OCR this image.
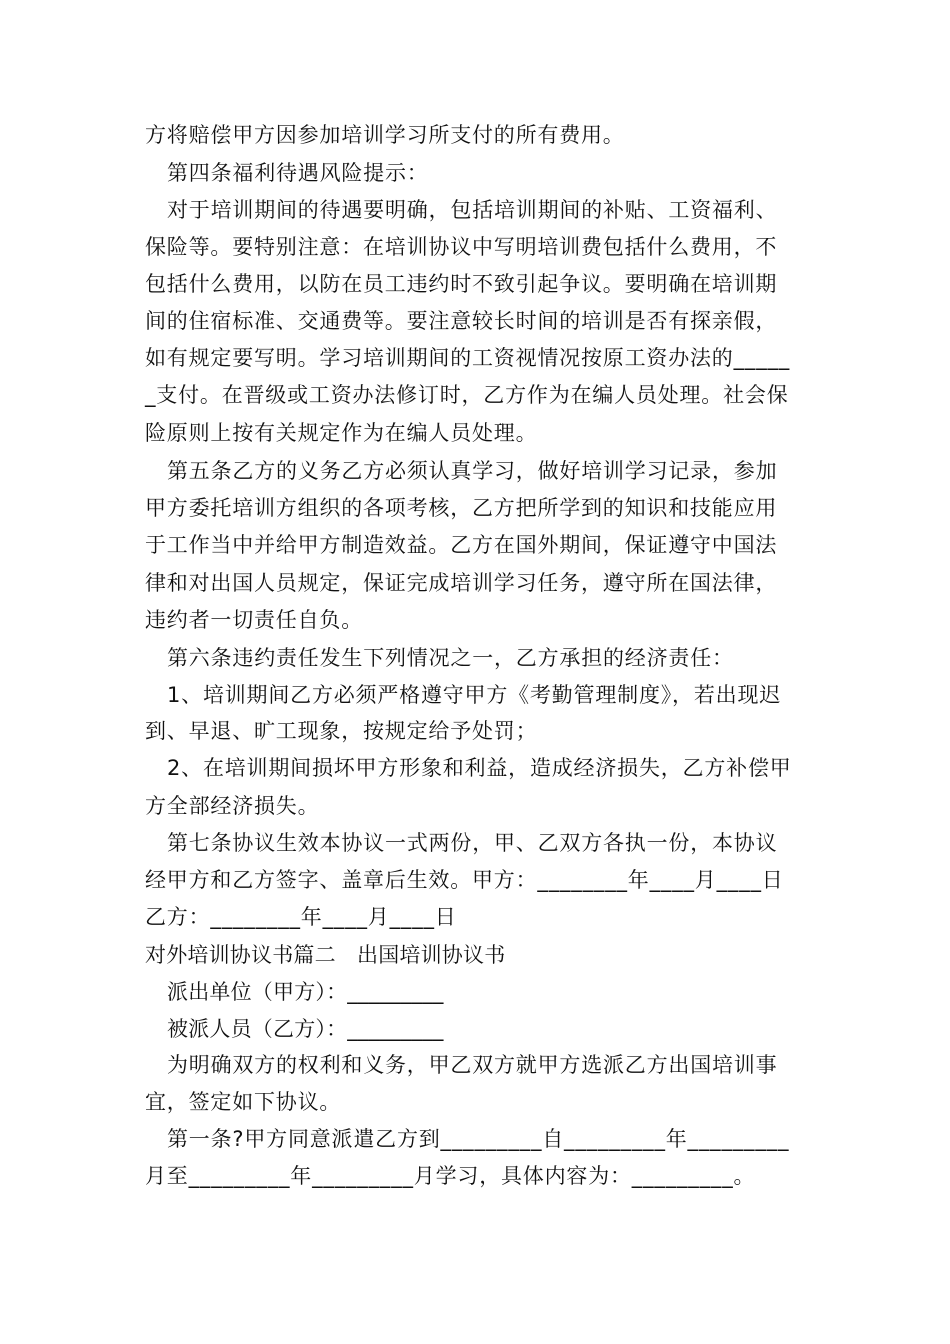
方将赔偿甲方因参加培训学习所支付的所有费用。
第四条福利待遇风险提示：
对于培训期间的待遇要明确，包括培训期间的补贴、工资福利、
保险等。要特别注意：在培训协议中写明培训费包括什么费用，不
包括什么费用，以防在员工违约时不致引起争议。要明确在培训期
间的住宿标准、交通费等。要注意较长时间的培训是否有探亲假，
如有规定要写明。学习培训期间的工资视情况按原工资办法的_____
_支付。在晋级或工资办法修订时，乙方作为在编人员处理。社会保
险原则上按有关规定作为在编人员处理。
第五条乙方的义务乙方必须认真学习，做好培训学习记录，参加
甲方委托培训方组织的各项考核，乙方把所学到的知识和技能应用
于工作当中并给甲方制造效益。乙方在国外期间，保证遵守中国法
律和对出国人员规定，保证完成培训学习任务，遵守所在国法律，
违约者一切责任自负。
第六条违约责任发生下列情况之一，乙方承担的经济责任：
1、培训期间乙方必须严格遵守甲方《考勤管理制度》，若出现迟
到、早退、旷工现象，按规定给予处罚；
2、在培训期间损坏甲方形象和利益，造成经济损失，乙方补偿甲
方全部经济损失。
第七条协议生效本协议一式两份，甲、乙双方各执一份，本协议
经甲方和乙方签字、盖章后生效。甲方：________年____月____日
乙方：________年____月____日
对外培训协议书篇二　出国培训协议书
派出单位（甲方）：_________
被派人员（乙方）：_________
为明确双方的权利和义务，甲乙双方就甲方选派乙方出国培训事
宜，签定如下协议。
第一条?甲方同意派遣乙方到_________自_________年_________
月至_________年_________月学习，具体内容为：_________。
